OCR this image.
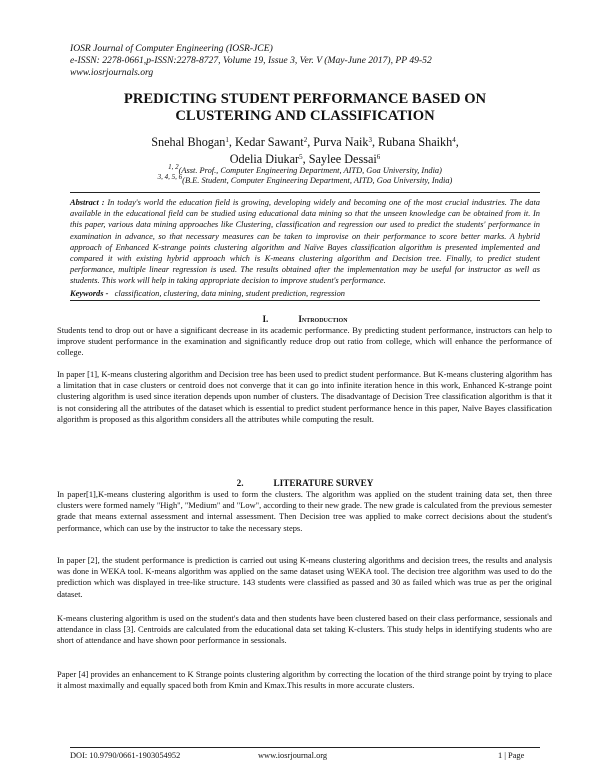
IOSR Journal of Computer Engineering (IOSR-JCE)
e-ISSN: 2278-0661,p-ISSN:2278-8727, Volume 19, Issue 3, Ver. V (May-June 2017), PP 49-52
www.iosrjournals.org
PREDICTING STUDENT PERFORMANCE BASED ON
CLUSTERING AND CLASSIFICATION
Snehal Bhogan$^1$, Kedar Sawant$^2$, Purva Naik$^3$, Rubana Shaikh$^4$,
Odelia Diukar$^5$, Saylee Dessai$^6$
$^{1, 2}$(Asst. Prof., Computer Engineering Department, AITD, Goa University, India)
$^{3, 4, 5, 6}$(B.E. Student, Computer Engineering Department, AITD, Goa University, India)
Abstract : In today's world the education field is growing, developing widely and becoming one of the most crucial industries. The data available in the educational field can be studied using educational data mining so that the unseen knowledge can be obtained from it. In this paper, various data mining approaches like Clustering, classification and regression our used to predict the students' performance in examination in advance, so that necessary measures can be taken to improvise on their performance to score better marks. A hybrid approach of Enhanced K-strange points clustering algorithm and Naïve Bayes classification algorithm is presented implemented and compared it with existing hybrid approach which is K-means clustering algorithm and Decision tree. Finally, to predict student performance, multiple linear regression is used. The results obtained after the implementation may be useful for instructor as well as students. This work will help in taking appropriate decision to improve student's performance.
Keywords - classification, clustering, data mining, student prediction, regression
I.	Introduction
Students tend to drop out or have a significant decrease in its academic performance. By predicting student performance, instructors can help to improve student performance in the examination and significantly reduce drop out ratio from college, which will enhance the performance of college.
In paper [1], K-means clustering algorithm and Decision tree has been used to predict student performance. But K-means clustering algorithm has a limitation that in case clusters or centroid does not converge that it can go into infinite iteration hence in this work, Enhanced K-strange point clustering algorithm is used since iteration depends upon number of clusters. The disadvantage of Decision Tree classification algorithm is that it is not considering all the attributes of the dataset which is essential to predict student performance hence in this paper, Naïve Bayes classification algorithm is proposed as this algorithm considers all the attributes while computing the result.
2.	LITERATURE SURVEY
In paper[1],K-means clustering algorithm is used to form the clusters. The algorithm was applied on the student training data set, then three clusters were formed namely "High", "Medium" and "Low", according to their new grade. The new grade is calculated from the previous semester grade that means external assessment and internal assessment. Then Decision tree was applied to make correct decisions about the student's performance, which can use by the instructor to take the necessary steps.
In paper [2], the student performance is prediction is carried out using K-means clustering algorithms and decision trees, the results and analysis was done in WEKA tool. K-means algorithm was applied on the same dataset using WEKA tool. The decision tree algorithm was used to do the prediction which was displayed in tree-like structure. 143 students were classified as passed and 30 as failed which was true as per the original dataset.
K-means clustering algorithm is used on the student's data and then students have been clustered based on their class performance, sessionals and attendance in class [3]. Centroids are calculated from the educational data set taking K-clusters. This study helps in identifying students who are short of attendance and have shown poor performance in sessionals.
Paper [4] provides an enhancement to K Strange points clustering algorithm by correcting the location of the third strange point by trying to place it almost maximally and equally spaced both from Kmin and Kmax.This results in more accurate clusters.
DOI: 10.9790/0661-1903054952	www.iosrjournal.org	1 | Page
